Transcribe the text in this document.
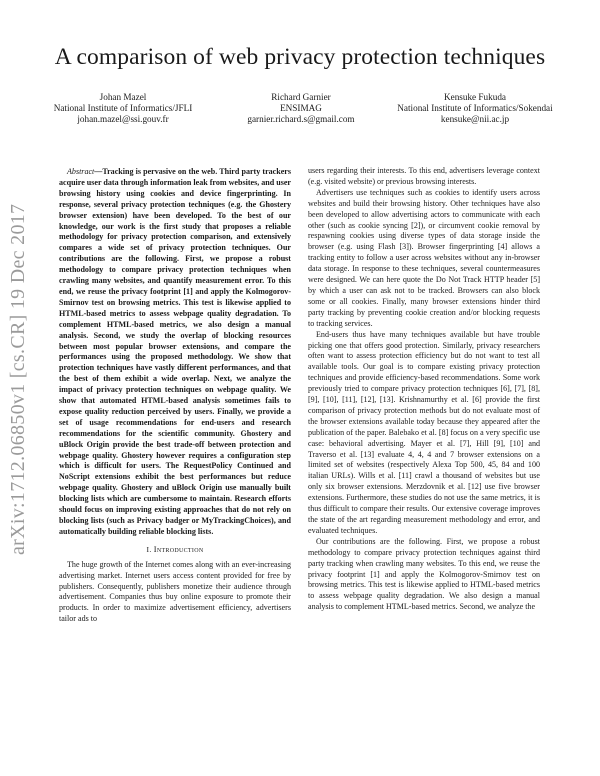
A comparison of web privacy protection techniques
Johan Mazel
National Institute of Informatics/JFLI
johan.mazel@ssi.gouv.fr
Richard Garnier
ENSIMAG
garnier.richard.s@gmail.com
Kensuke Fukuda
National Institute of Informatics/Sokendai
kensuke@nii.ac.jp
arXiv:1712.06850v1 [cs.CR] 19 Dec 2017

Abstract—Tracking is pervasive on the web. Third party trackers acquire user data through information leak from websites, and user browsing history using cookies and device fingerprinting. In response, several privacy protection techniques (e.g. the Ghostery browser extension) have been developed. To the best of our knowledge, our work is the first study that proposes a reliable methodology for privacy protection comparison, and extensively compares a wide set of privacy protection techniques. Our contributions are the following. First, we propose a robust methodology to compare privacy protection techniques when crawling many websites, and quantify measurement error. To this end, we reuse the privacy footprint [1] and apply the Kolmogorov-Smirnov test on browsing metrics. This test is likewise applied to HTML-based metrics to assess webpage quality degradation. To complement HTML-based metrics, we also design a manual analysis. Second, we study the overlap of blocking resources between most popular browser extensions, and compare the performances using the proposed methodology. We show that protection techniques have vastly different performances, and that the best of them exhibit a wide overlap. Next, we analyze the impact of privacy protection techniques on webpage quality. We show that automated HTML-based analysis sometimes fails to expose quality reduction perceived by users. Finally, we provide a set of usage recommendations for end-users and research recommendations for the scientific community. Ghostery and uBlock Origin provide the best trade-off between protection and webpage quality. Ghostery however requires a configuration step which is difficult for users. The RequestPolicy Continued and NoScript extensions exhibit the best performances but reduce webpage quality. Ghostery and uBlock Origin use manually built blocking lists which are cumbersome to maintain. Research efforts should focus on improving existing approaches that do not rely on blocking lists (such as Privacy badger or MyTrackingChoices), and automatically building reliable blocking lists.

I. Introduction

The huge growth of the Internet comes along with an ever-increasing advertising market. Internet users access content provided for free by publishers. Consequently, publishers monetize their audience through advertisement. Companies thus buy online exposure to promote their products. In order to maximize advertisement efficiency, advertisers tailor ads to

users regarding their interests. To this end, advertisers leverage context (e.g. visited website) or previous browsing interests.

Advertisers use techniques such as cookies to identify users across websites and build their browsing history. Other techniques have also been developed to allow advertising actors to communicate with each other (such as cookie syncing [2]), or circumvent cookie removal by respawning cookies using diverse types of data storage inside the browser (e.g. using Flash [3]). Browser fingerprinting [4] allows a tracking entity to follow a user across websites without any in-browser data storage. In response to these techniques, several countermeasures were designed. We can here quote the Do Not Track HTTP header [5] by which a user can ask not to be tracked. Browsers can also block some or all cookies. Finally, many browser extensions hinder third party tracking by preventing cookie creation and/or blocking requests to tracking services.

End-users thus have many techniques available but have trouble picking one that offers good protection. Similarly, privacy researchers often want to assess protection efficiency but do not want to test all available tools. Our goal is to compare existing privacy protection techniques and provide efficiency-based recommendations. Some work previously tried to compare privacy protection techniques [6], [7], [8], [9], [10], [11], [12], [13]. Krishnamurthy et al. [6] provide the first comparison of privacy protection methods but do not evaluate most of the browser extensions available today because they appeared after the publication of the paper. Balebako et al. [8] focus on a very specific use case: behavioral advertising. Mayer et al. [7], Hill [9], [10] and Traverso et al. [13] evaluate 4, 4, 4 and 7 browser extensions on a limited set of websites (respectively Alexa Top 500, 45, 84 and 100 italian URLs). Wills et al. [11] crawl a thousand of websites but use only six browser extensions. Merzdovnik et al. [12] use five browser extensions. Furthermore, these studies do not use the same metrics, it is thus difficult to compare their results. Our extensive coverage improves the state of the art regarding measurement methodology and error, and evaluated techniques.

Our contributions are the following. First, we propose a robust methodology to compare privacy protection techniques against third party tracking when crawling many websites. To this end, we reuse the privacy footprint [1] and apply the Kolmogorov-Smirnov test on browsing metrics. This test is likewise applied to HTML-based metrics to assess webpage quality degradation. We also design a manual analysis to complement HTML-based metrics. Second, we analyze the
